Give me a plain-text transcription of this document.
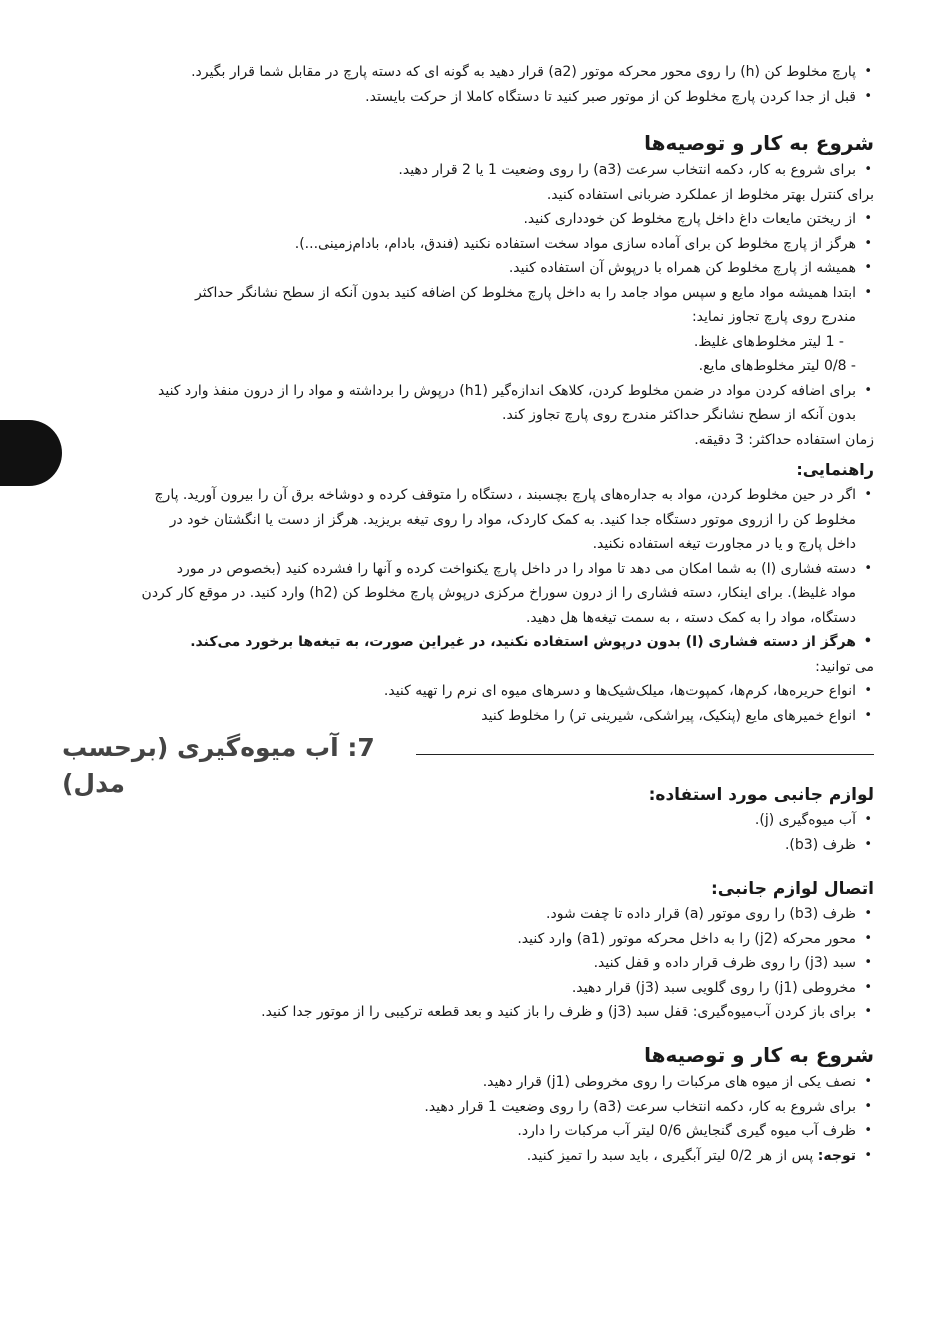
• پارچ مخلوط کن (h) را روی محور محرکه موتور (a2) قرار دهید به گونه ای که دسته پارچ در مقابل شما قرار بگیرد.
• قبل از جدا کردن پارچ مخلوط کن از موتور صبر کنید تا دستگاه کاملا از حرکت بایستد.
شروع به کار و توصیه‌ها
• برای شروع به کار، دکمه انتخاب سرعت (a3) را روی وضعیت 1 یا 2 قرار دهید.
برای کنترل بهتر مخلوط از عملکرد ضربانی استفاده کنید.
• از ریختن مایعات داغ داخل پارچ مخلوط کن خودداری کنید.
• هرگز از پارچ مخلوط کن برای آماده سازی مواد سخت استفاده نکنید (فندق، بادام، بادام‌زمینی...).
• همیشه از پارچ مخلوط کن همراه با درپوش آن استفاده کنید.
• ابتدا همیشه مواد مایع و سپس مواد جامد را به داخل پارچ مخلوط کن اضافه کنید بدون آنکه از سطح نشانگر حداکثر
مندرج روی پارچ تجاوز نماید:
- 1 لیتر مخلوط‌های غلیظ.
- 0/8 لیتر مخلوط‌های مایع.
• برای اضافه کردن مواد در ضمن مخلوط کردن، کلاهک اندازه‌گیر (h1) درپوش را برداشته و مواد را از درون منفذ وارد کنید
بدون آنکه از سطح نشانگر حداکثر مندرج روی پارچ تجاوز کند.
زمان استفاده حداکثر: 3 دقیقه.
راهنمایی:
• اگر در حین مخلوط کردن، مواد به جداره‌های پارچ بچسبند ، دستگاه را متوقف کرده و دوشاخه برق آن را بیرون آورید. پارچ
مخلوط کن را ازروی موتور دستگاه جدا کنید. به کمک کاردک، مواد را روی تیغه بریزید. هرگز از دست یا انگشتان خود در
داخل پارچ و یا در مجاورت تیغه استفاده نکنید.
• دسته فشاری (I) به شما امکان می دهد تا مواد را در داخل پارچ یکنواخت کرده و آنها را فشرده کنید (بخصوص در مورد
مواد غلیظ). برای اینکار، دسته فشاری را از درون سوراخ مرکزی درپوش پارچ مخلوط کن (h2) وارد کنید. در موقع کار کردن
دستگاه، مواد را به کمک دسته ، به سمت تیغه‌ها هل دهید.
• هرگز از دسته فشاری (I) بدون درپوش استفاده نکنید، در غیراین صورت، به تیغه‌ها برخورد می‌کند.
می توانید:
• انواع حریره‌ها، کرم‌ها، کمپوت‌ها، میلک‌شیک‌ها و دسرهای میوه ای نرم را تهیه کنید.
• انواع خمیرهای مایع (پنکیک، پیراشکی، شیرینی تر) را مخلوط کنید
لوازم جانبی مورد استفاده:
• آب میوه‌گیری (j).
• ظرف (b3).
اتصال لوازم جانبی:
• ظرف (b3) را روی موتور (a) قرار داده تا چفت شود.
• محور محرکه (j2) را به داخل محرکه موتور (a1) وارد کنید.
• سبد (j3) را روی ظرف قرار داده و قفل کنید.
• مخروطی (j1) را روی گلویی سبد (j3) قرار دهید.
• برای باز کردن آب‌میوه‌گیری: قفل سبد (j3) و ظرف را باز کنید و بعد قطعه ترکیبی را از موتور جدا کنید.
شروع به کار و توصیه‌ها
• نصف یکی از میوه های مرکبات را روی مخروطی (j1) قرار دهید.
• برای شروع به کار، دکمه انتخاب سرعت (a3) را روی وضعیت 1 قرار دهید.
• ظرف آب میوه گیری گنجایش 0/6 لیتر آب مرکبات را دارد.
• توجه: پس از هر 0/2 لیتر آبگیری ، باید سبد را تمیز کنید.
7: آب میوه‌گیری (برحسب مدل)
